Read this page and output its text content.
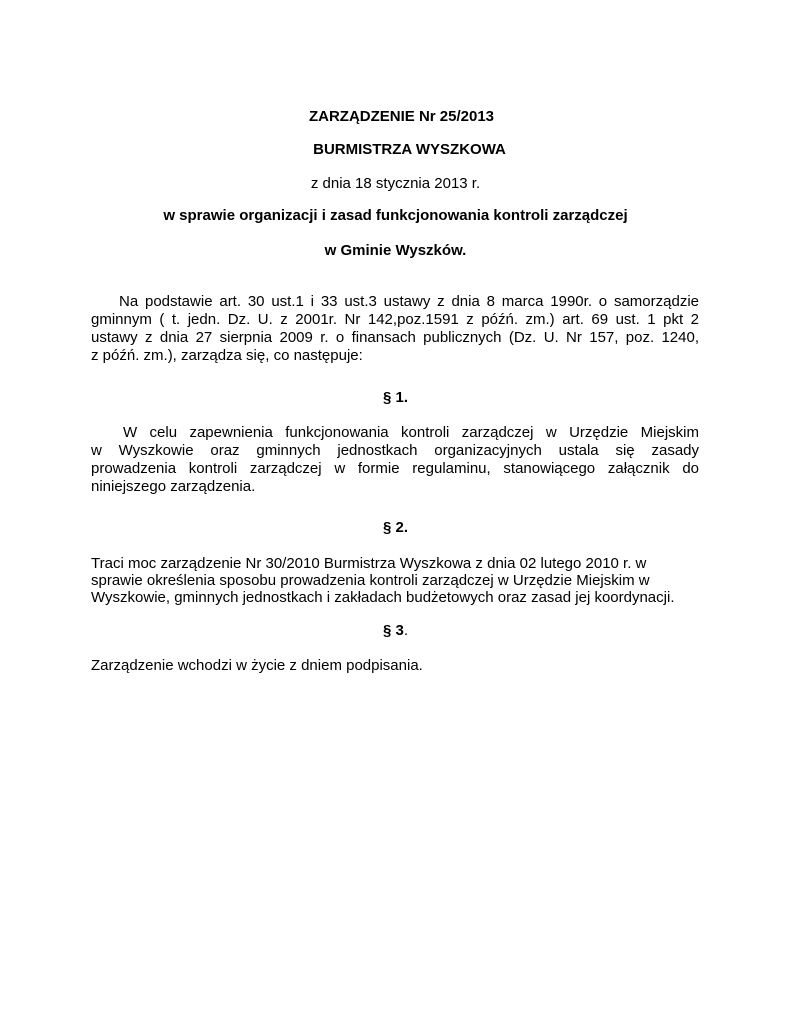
ZARZĄDZENIE Nr 25/2013
BURMISTRZA WYSZKOWA
z dnia 18 stycznia 2013 r.
w sprawie organizacji i zasad funkcjonowania kontroli zarządczej
w Gminie Wyszków.
Na podstawie art. 30 ust.1 i 33 ust.3 ustawy z dnia 8 marca 1990r. o samorządzie
gminnym ( t. jedn. Dz. U. z 2001r. Nr 142,poz.1591 z późń. zm.) art. 69 ust. 1 pkt 2
ustawy z dnia 27 sierpnia 2009 r. o finansach publicznych (Dz. U. Nr 157, poz. 1240,
z późń. zm.), zarządza się, co następuje:
§ 1.
W celu zapewnienia funkcjonowania kontroli zarządczej w Urzędzie Miejskim
w Wyszkowie oraz gminnych jednostkach organizacyjnych ustala się zasady
prowadzenia kontroli zarządczej w formie regulaminu, stanowiącego załącznik do
niniejszego zarządzenia.
§ 2.
Traci moc zarządzenie Nr 30/2010 Burmistrza Wyszkowa z dnia 02 lutego 2010 r. w
sprawie określenia sposobu prowadzenia kontroli zarządczej w Urzędzie Miejskim w
Wyszkowie, gminnych jednostkach i zakładach budżetowych oraz zasad jej koordynacji.
§ 3.
Zarządzenie wchodzi w życie z dniem podpisania.
